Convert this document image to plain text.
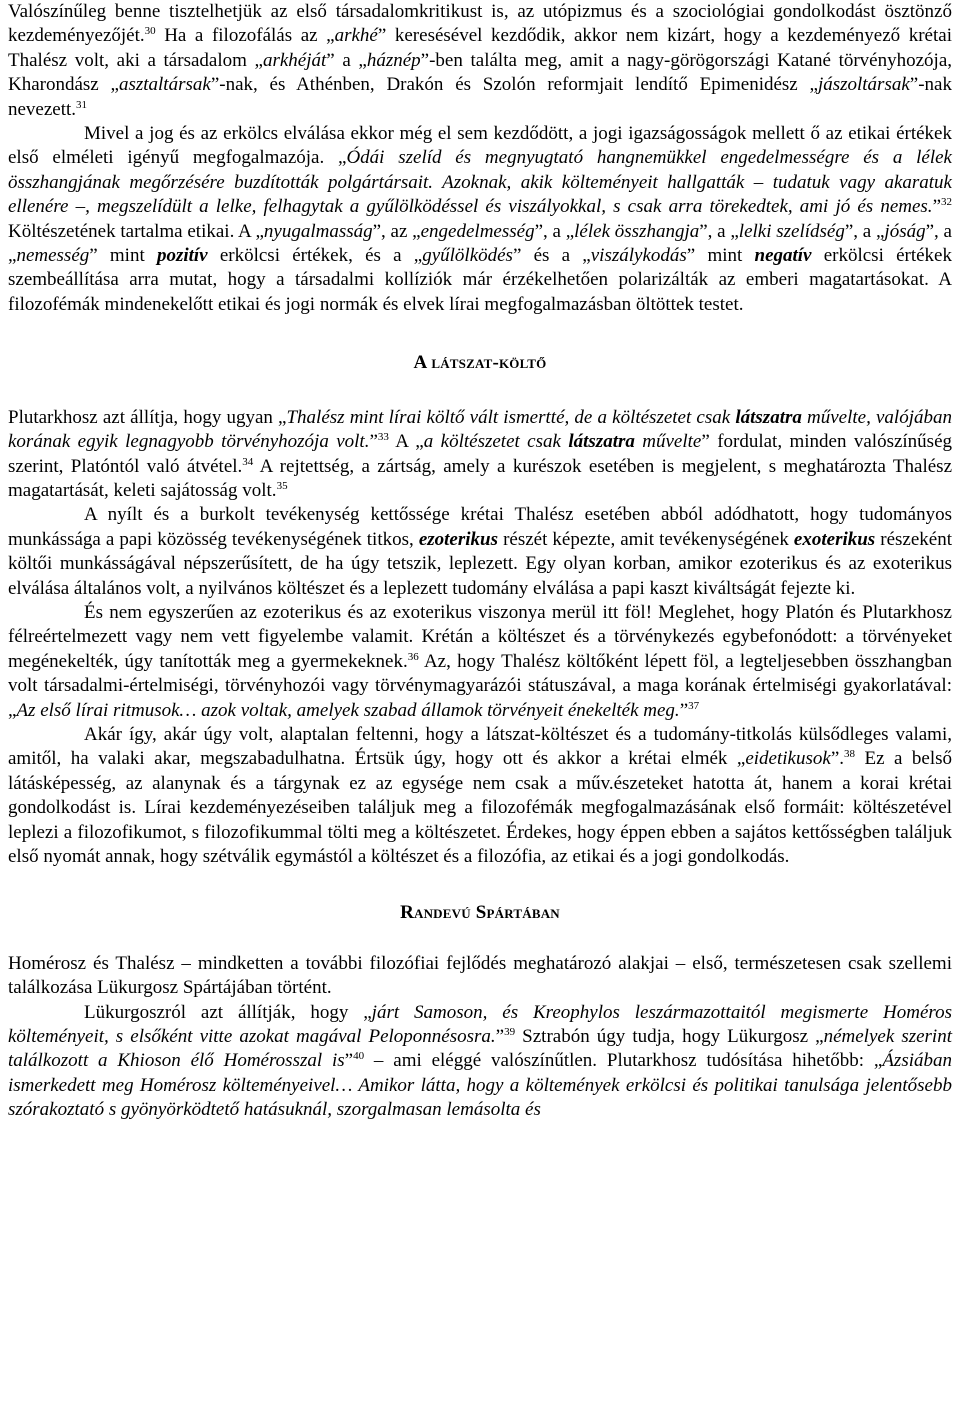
Valószínűleg benne tisztelhetjük az első társadalomkritikust is, az utópizmus és a szociológiai gondolkodást ösztönző kezdeményezőjét.$^{30}$ Ha a filozofálás az „arkhé” keresésével kezdődik, akkor nem kizárt, hogy a kezdeményező krétai Thalész volt, aki a társadalom „arkhéját” a „háznép”-ben találta meg, amit a nagy-görögországi Katané törvényhozója, Kharondász „asztaltársak”-nak, és Athénben, Drakón és Szolón reformjait lendítő Epimenidész „jászoltársak”-nak nevezett.$^{31}$

Mivel a jog és az erkölcs elválása ekkor még el sem kezdődött, a jogi igazságosságok mellett ő az etikai értékek első elméleti igényű megfogalmazója. „Ódái szelíd és megnyugtató hangnemükkel engedelmességre és a lélek összhangjának megőrzésére buzdították polgártársait. Azoknak, akik költeményeit hallgatták – tudatuk vagy akaratuk ellenére –, megszelídült a lelke, felhagytak a gyűlölködéssel és viszályokkal, s csak arra törekedtek, ami jó és nemes.”$^{32}$ Költészetének tartalma etikai. A „nyugalmasság”, az „engedelmesség”, a „lélek összhangja”, a „lelki szelídség”, a „jóság”, a „nemesség” mint pozitív erkölcsi értékek, és a „gyűlölködés” és a „viszálykodás” mint negatív erkölcsi értékek szembeállítása arra mutat, hogy a társadalmi kollíziók már érzékelhetően polarizálták az emberi magatartásokat. A filozofémák mindenekelőtt etikai és jogi normák és elvek lírai megfogalmazásban öltöttek testet.

A látszat-költő

Plutarkhosz azt állítja, hogy ugyan „Thalész mint lírai költő vált ismertté, de a költészetet csak látszatra művelte, valójában korának egyik legnagyobb törvényhozója volt.”$^{33}$ A „a költészetet csak látszatra művelte” fordulat, minden valószínűség szerint, Platóntól való átvétel.$^{34}$ A rejtettség, a zártság, amely a kurészok esetében is megjelent, s meghatározta Thalész magatartását, keleti sajátosság volt.$^{35}$

A nyílt és a burkolt tevékenység kettőssége krétai Thalész esetében abból adódhatott, hogy tudományos munkássága a papi közösség tevékenységének titkos, ezoterikus részét képezte, amit tevékenységének exoterikus részeként költői munkásságával népszerűsített, de ha úgy tetszik, leplezett. Egy olyan korban, amikor ezoterikus és az exoterikus elválása általános volt, a nyilvános költészet és a leplezett tudomány elválása a papi kaszt kiváltságát fejezte ki.

És nem egyszerűen az ezoterikus és az exoterikus viszonya merül itt föl! Meglehet, hogy Platón és Plutarkhosz félreértelmezett vagy nem vett figyelembe valamit. Krétán a költészet és a törvénykezés egybefonódott: a törvényeket megénekelték, úgy tanították meg a gyermekeknek.$^{36}$ Az, hogy Thalész költőként lépett föl, a legteljesebben összhangban volt társadalmi-értelmiségi, törvényhozói vagy törvénymagyarázói státuszával, a maga korának értelmiségi gyakorlatával: „Az első lírai ritmusok… azok voltak, amelyek szabad államok törvényeit énekelték meg.”$^{37}$

Akár így, akár úgy volt, alaptalan feltenni, hogy a látszat-költészet és a tudomány-titkolás külsődleges valami, amitől, ha valaki akar, megszabadulhatna. Értsük úgy, hogy ott és akkor a krétai elmék „eidetikusok”.$^{38}$ Ez a belső látásképesség, az alanynak és a tárgynak ez az egysége nem csak a műv.észeteket hatotta át, hanem a korai krétai gondolkodást is. Lírai kezdeményezéseiben találjuk meg a filozofémák megfogalmazásának első formáit: költészetével leplezi a filozofikumot, s filozofikummal tölti meg a költészetet. Érdekes, hogy éppen ebben a sajátos kettősségben találjuk első nyomát annak, hogy szétválik egymástól a költészet és a filozófia, az etikai és a jogi gondolkodás.

Randevú Spártában

Homérosz és Thalész – mindketten a további filozófiai fejlődés meghatározó alakjai – első, természetesen csak szellemi találkozása Lükurgosz Spártájában történt.

Lükurgoszról azt állítják, hogy „járt Samoson, és Kreophylos leszármazottaitól megismerte Homéros költeményeit, s elsőként vitte azokat magával Peloponnésosra.”$^{39}$ Sztrabón úgy tudja, hogy Lükurgosz „némelyek szerint találkozott a Khioson élő Homérosszal is”$^{40}$ – ami eléggé valószínűtlen. Plutarkhosz tudósítása hihetőbb: „Ázsiában ismerkedett meg Homérosz költeményeivel… Amikor látta, hogy a költemények erkölcsi és politikai tanulsága jelentősebb szórakoztató s gyönyörködtető hatásuknál, szorgalmasan lemásolta és
